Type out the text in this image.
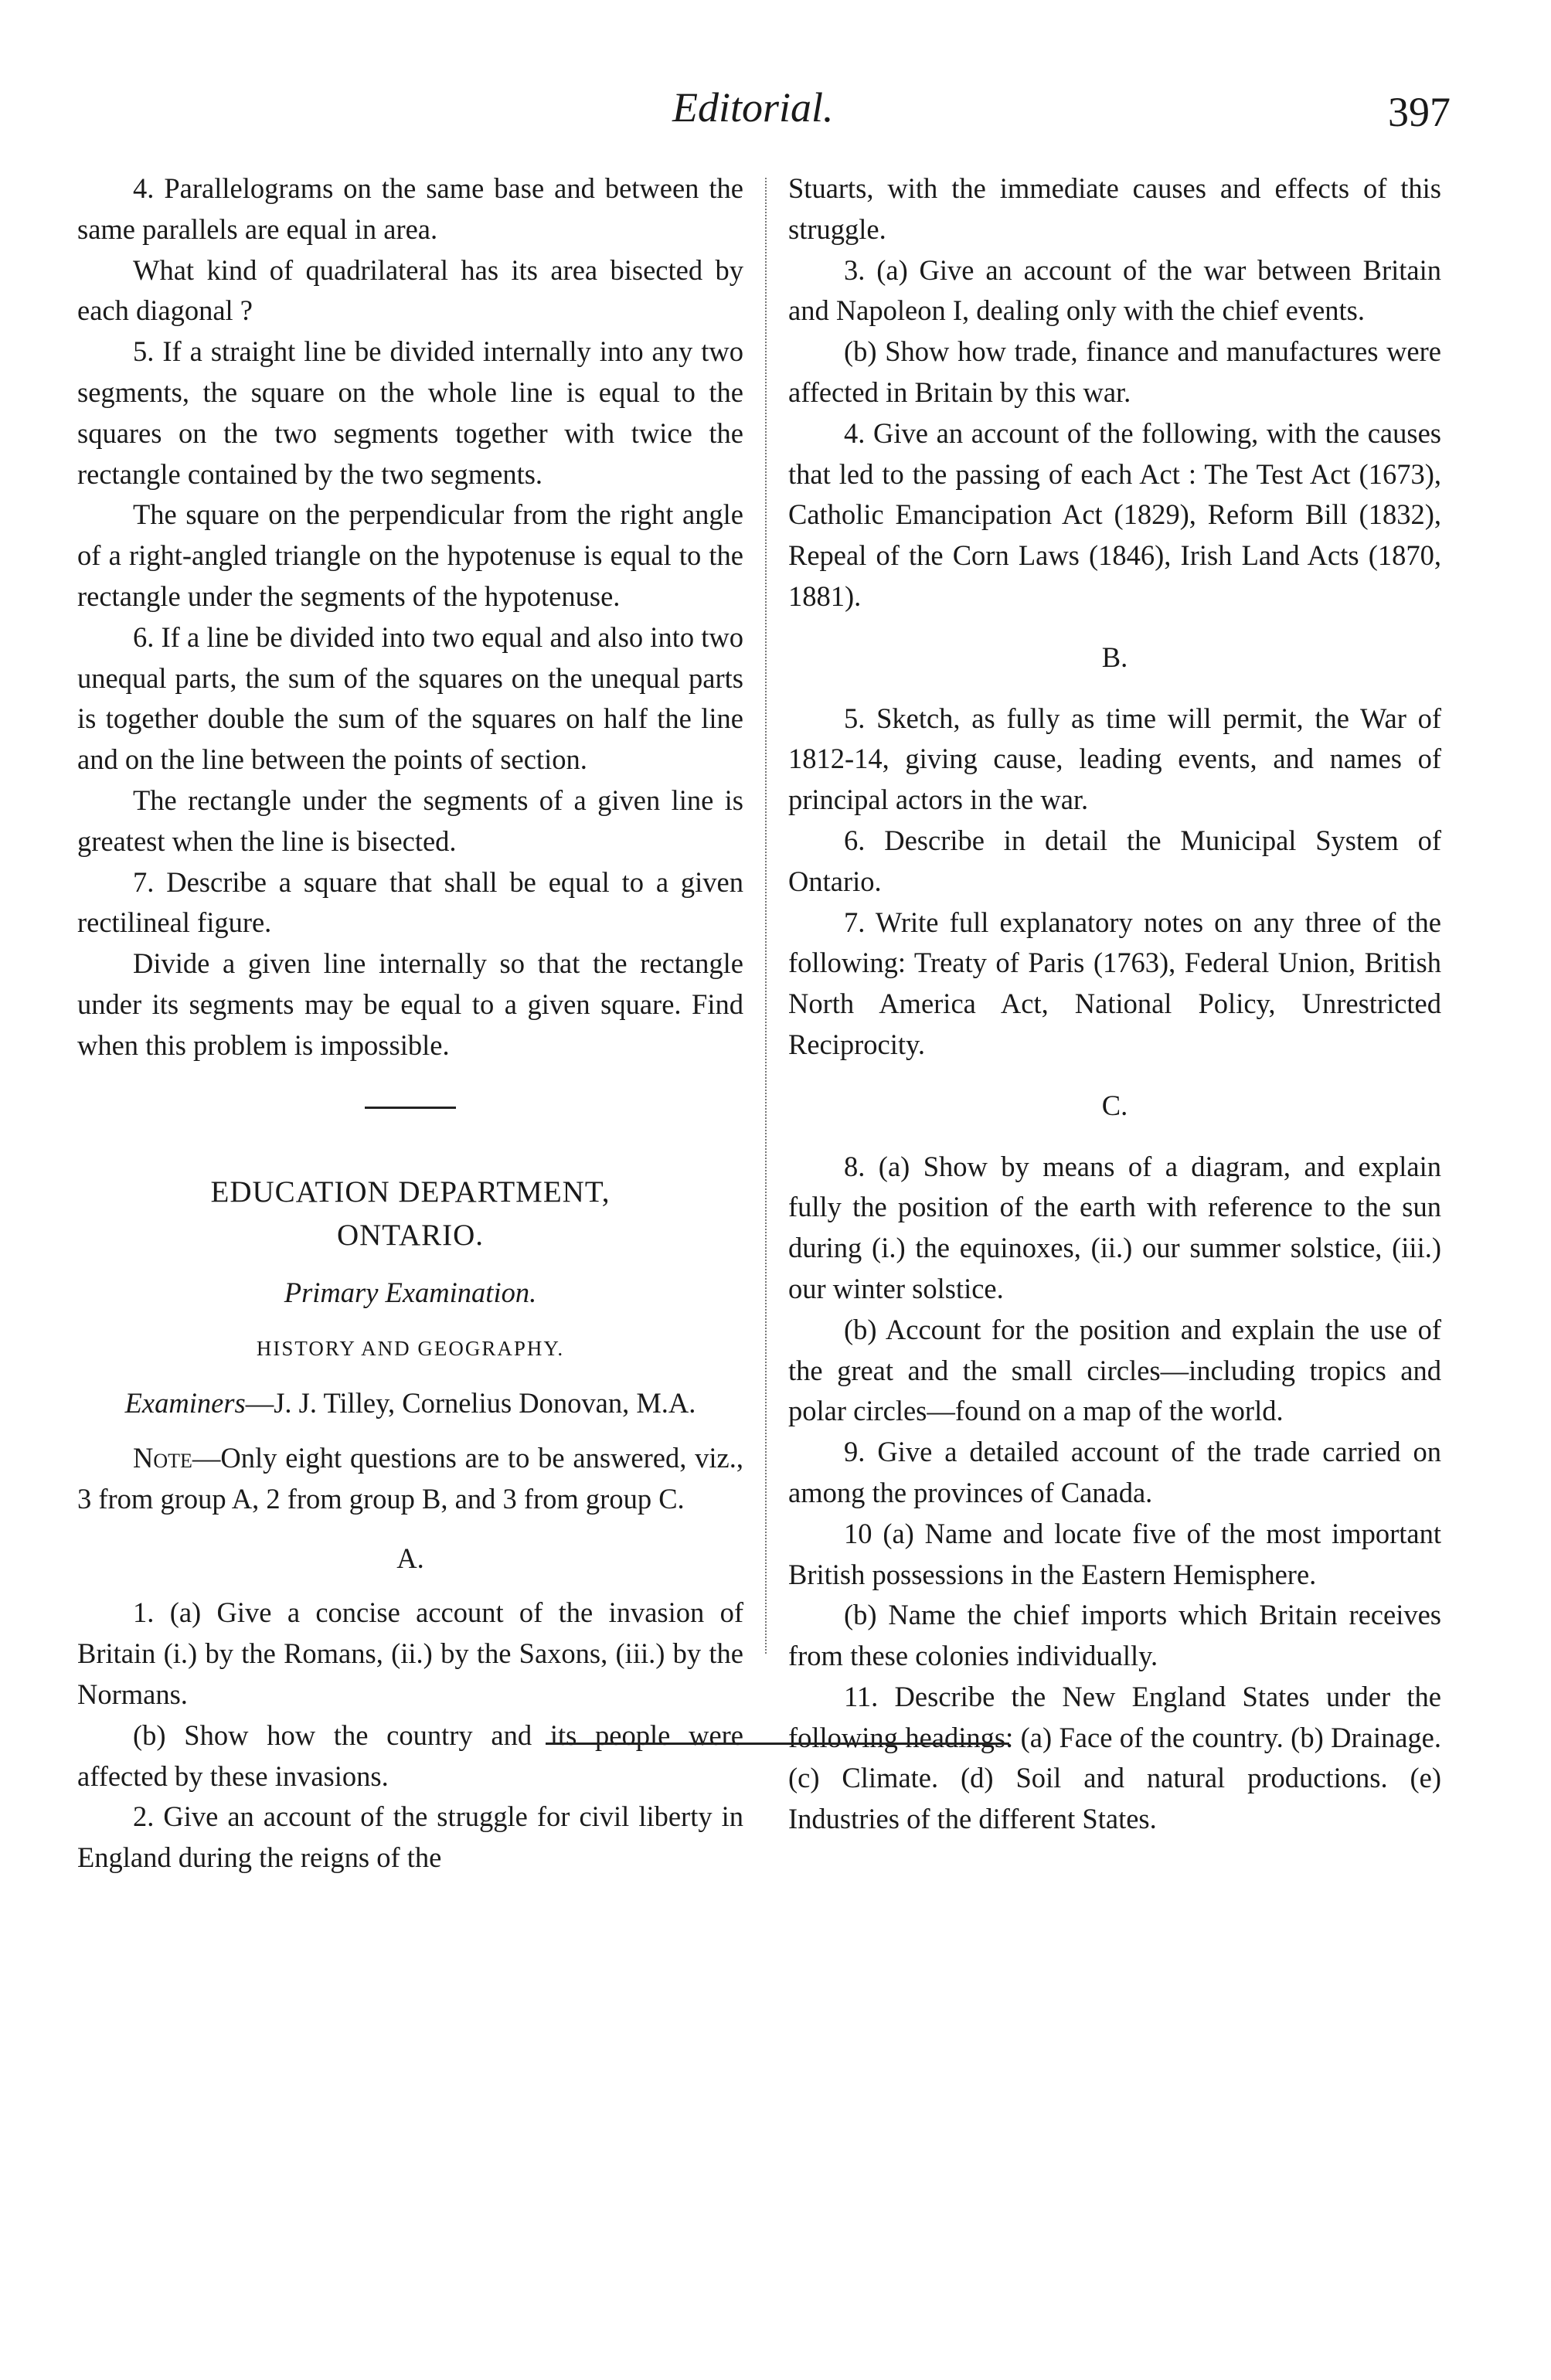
Editorial.	397

4. Parallelograms on the same base and between the same parallels are equal in area.

What kind of quadrilateral has its area bisected by each diagonal ?

5. If a straight line be divided internally into any two segments, the square on the whole line is equal to the squares on the two segments together with twice the rectangle contained by the two segments.

The square on the perpendicular from the right angle of a right-angled triangle on the hypotenuse is equal to the rectangle under the segments of the hypotenuse.

6. If a line be divided into two equal and also into two unequal parts, the sum of the squares on the unequal parts is together double the sum of the squares on half the line and on the line between the points of section.

The rectangle under the segments of a given line is greatest when the line is bisected.

7. Describe a square that shall be equal to a given rectilineal figure.

Divide a given line internally so that the rectangle under its segments may be equal to a given square. Find when this problem is impossible.

EDUCATION DEPARTMENT,

ONTARIO.

Primary Examination.

HISTORY AND GEOGRAPHY.

Examiners—J. J. Tilley, Cornelius Donovan, M.A.

Note—Only eight questions are to be answered, viz., 3 from group A, 2 from group B, and 3 from group C.

A.

1. (a) Give a concise account of the invasion of Britain (i.) by the Romans, (ii.) by the Saxons, (iii.) by the Normans.

(b) Show how the country and its people were affected by these invasions.

2. Give an account of the struggle for civil liberty in England during the reigns of the

Stuarts, with the immediate causes and effects of this struggle.

3. (a) Give an account of the war between Britain and Napoleon I, dealing only with the chief events.

(b) Show how trade, finance and manufactures were affected in Britain by this war.

4. Give an account of the following, with the causes that led to the passing of each Act : The Test Act (1673), Catholic Emancipation Act (1829), Reform Bill (1832), Repeal of the Corn Laws (1846), Irish Land Acts (1870, 1881).

B.

5. Sketch, as fully as time will permit, the War of 1812-14, giving cause, leading events, and names of principal actors in the war.

6. Describe in detail the Municipal System of Ontario.

7. Write full explanatory notes on any three of the following: Treaty of Paris (1763), Federal Union, British North America Act, National Policy, Unrestricted Reciprocity.

C.

8. (a) Show by means of a diagram, and explain fully the position of the earth with reference to the sun during (i.) the equinoxes, (ii.) our summer solstice, (iii.) our winter solstice.

(b) Account for the position and explain the use of the great and the small circles—including tropics and polar circles—found on a map of the world.

9. Give a detailed account of the trade carried on among the provinces of Canada.

10 (a) Name and locate five of the most important British possessions in the Eastern Hemisphere.

(b) Name the chief imports which Britain receives from these colonies individually.

11. Describe the New England States under the following headings: (a) Face of the country. (b) Drainage. (c) Climate. (d) Soil and natural productions. (e) Industries of the different States.
